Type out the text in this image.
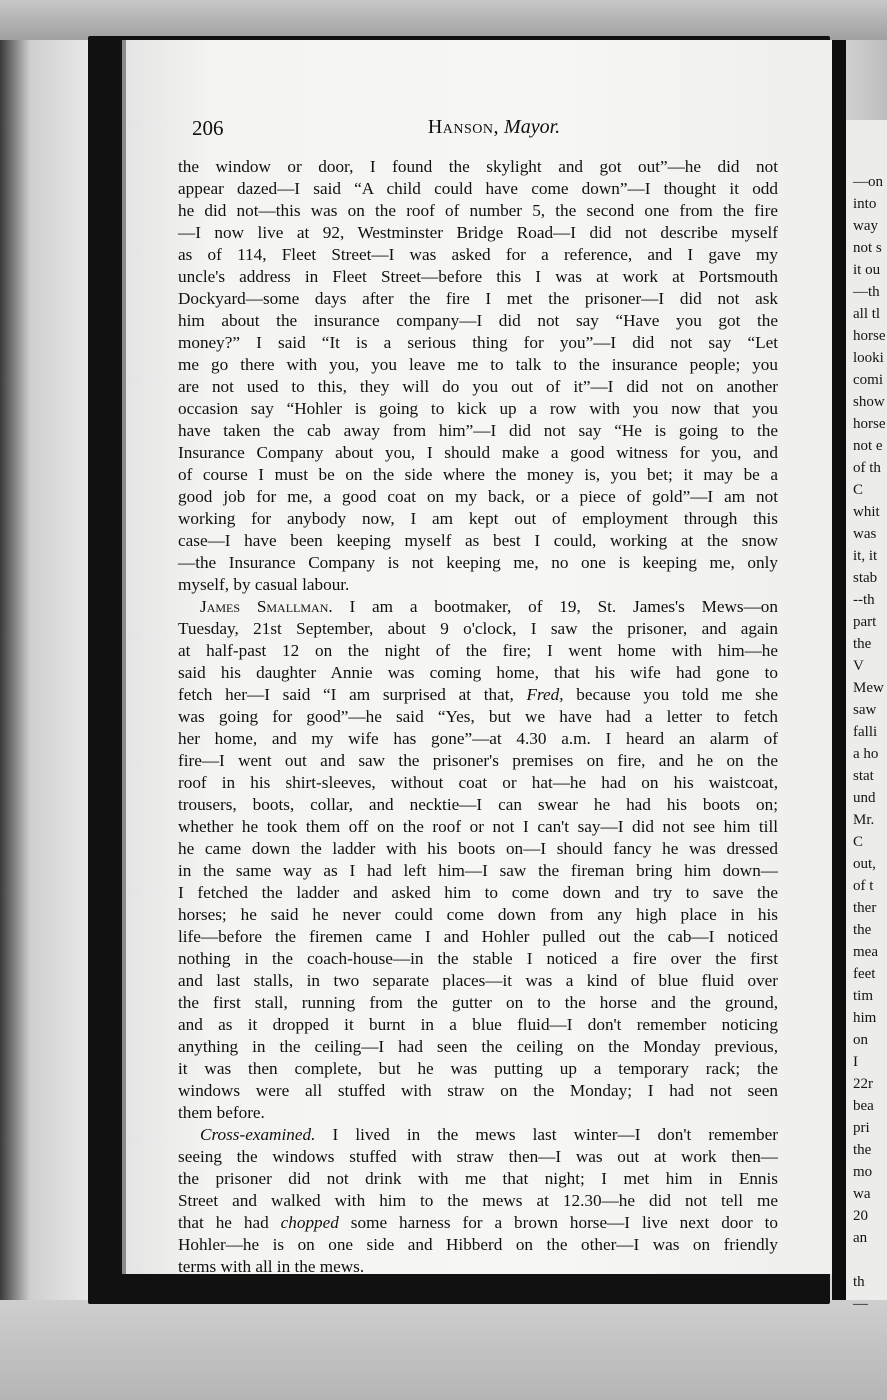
—on
into
way
not s
it ou
—th
all tl
horse
looki
comi
show
horse
not e
of th
C
whit
was
it, it
stab
--th
part
the
V
Mew
saw
falli
a ho
stat
und
Mr.
C
out,
of t
ther
the
mea
feet
tim
him
on
I
22r
bea
pri
the
mo
wa
20
an
th
—
206	Hanson, Mayor.
the window or door, I found the skylight and got out”—he did not
appear dazed—I said “A child could have come down”—I thought it odd
he did not—this was on the roof of number 5, the second one from the fire
—I now live at 92, Westminster Bridge Road—I did not describe myself
as of 114, Fleet Street—I was asked for a reference, and I gave my
uncle's address in Fleet Street—before this I was at work at Portsmouth
Dockyard—some days after the fire I met the prisoner—I did not ask
him about the insurance company—I did not say “Have you got the
money?” I said “It is a serious thing for you”—I did not say “Let
me go there with you, you leave me to talk to the insurance people; you
are not used to this, they will do you out of it”—I did not on another
occasion say “Hohler is going to kick up a row with you now that you
have taken the cab away from him”—I did not say “He is going to the
Insurance Company about you, I should make a good witness for you, and
of course I must be on the side where the money is, you bet; it may be a
good job for me, a good coat on my back, or a piece of gold”—I am not
working for anybody now, I am kept out of employment through this
case—I have been keeping myself as best I could, working at the snow
—the Insurance Company is not keeping me, no one is keeping me, only
myself, by casual labour.
James Smallman. I am a bootmaker, of 19, St. James's Mews—on
Tuesday, 21st September, about 9 o'clock, I saw the prisoner, and again
at half-past 12 on the night of the fire; I went home with him—he
said his daughter Annie was coming home, that his wife had gone to
fetch her—I said “I am surprised at that, Fred, because you told me she
was going for good”—he said “Yes, but we have had a letter to fetch
her home, and my wife has gone”—at 4.30 a.m. I heard an alarm of
fire—I went out and saw the prisoner's premises on fire, and he on the
roof in his shirt-sleeves, without coat or hat—he had on his waistcoat,
trousers, boots, collar, and necktie—I can swear he had his boots on;
whether he took them off on the roof or not I can't say—I did not see him till
he came down the ladder with his boots on—I should fancy he was dressed
in the same way as I had left him—I saw the fireman bring him down—
I fetched the ladder and asked him to come down and try to save the
horses; he said he never could come down from any high place in his
life—before the firemen came I and Hohler pulled out the cab—I noticed
nothing in the coach-house—in the stable I noticed a fire over the first
and last stalls, in two separate places—it was a kind of blue fluid over
the first stall, running from the gutter on to the horse and the ground,
and as it dropped it burnt in a blue fluid—I don't remember noticing
anything in the ceiling—I had seen the ceiling on the Monday previous,
it was then complete, but he was putting up a temporary rack; the
windows were all stuffed with straw on the Monday; I had not seen
them before.
Cross-examined. I lived in the mews last winter—I don't remember
seeing the windows stuffed with straw then—I was out at work then—
the prisoner did not drink with me that night; I met him in Ennis
Street and walked with him to the mews at 12.30—he did not tell me
that he had chopped some harness for a brown horse—I live next door to
Hohler—he is on one side and Hibberd on the other—I was on friendly
terms with all in the mews.
Thomas Helmer. I am a cab driver and live at 17, St. James's Mews
